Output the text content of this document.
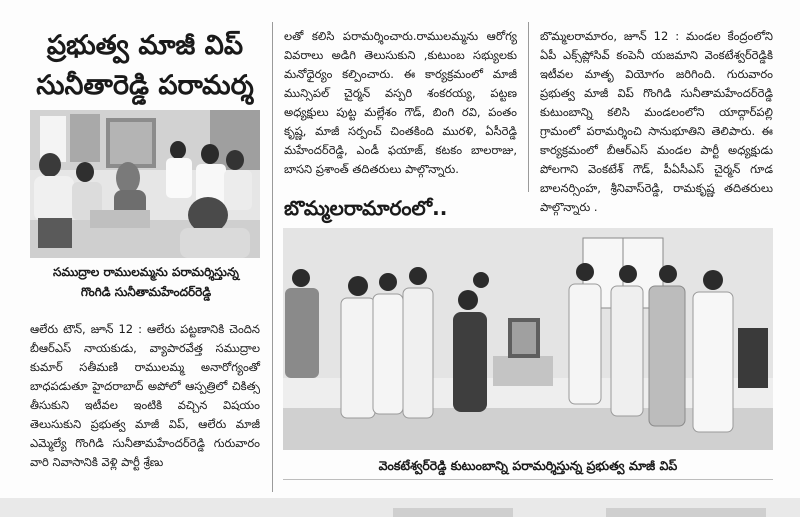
ప్రభుత్వ మాజీ విప్
సునీతారెడ్డి పరామర్శ
సముద్రాల రాములమ్మను పరామర్శిస్తున్న
గొంగిడి సునీతామహేందర్‌రెడ్డి

ఆలేరు టౌన్, జూన్ 12 : ఆలేరు పట్టణానికి చెందిన బీఆర్ఎస్ నాయకుడు, వ్యాపారవేత్త సముద్రాల కుమార్ సతీమణి రాములమ్మ అనారోగ్యంతో బాధపడుతూ హైదరాబాద్ అపోలో ఆస్పత్రిలో చికిత్స తీసుకుని ఇటీవల ఇంటికి వచ్చిన విషయం తెలుసుకుని ప్రభుత్వ మాజీ విప్, ఆలేరు మాజీ ఎమ్మెల్యే గొంగిడి సునీతామహేందర్‌రెడ్డి గురువారం వారి నివాసానికి వెళ్లి పార్టీ శ్రేణు

లతో కలిసి పరామర్శించారు.రాములమ్మను ఆరోగ్య వివరాలు అడిగి తెలుసుకుని ,కుటుంబ సభ్యులకు మనోధైర్యం కల్పించారు. ఈ కార్యక్రమంలో మాజీ మున్సిపల్ చైర్మన్ వస్పరి శంకరయ్య, పట్టణ అధ్యక్షులు పుట్ట మల్లేశం గౌడ్, బింగి రవి, పంతం కృష్ణ, మాజీ సర్పంచ్ చింతకింది మురళి, ఏసీరెడ్డి మహేందర్‌రెడ్డి, ఎండీ ఫయాజ్, కటకం బాలరాజు, బాసని ప్రశాంత్ తదితరులు పాల్గొన్నారు.

బొమ్మలరామారంలో..

బొమ్మలరామారం, జూన్ 12 : మండల కేంద్రంలోని ఏపీ ఎక్స్‌ప్లోసివ్ కంపెనీ యజమాని వెంకటేశ్వర్‌రెడ్డికి ఇటీవల మాతృ వియోగం జరిగింది. గురువారం ప్రభుత్వ మాజీ విప్ గొంగిడి సునీతామహేందర్‌రెడ్డి కుటుంబాన్ని కలిసి మండలంలోని యాద్గార్‌పల్లి గ్రామంలో పరామర్శించి సానుభూతిని తెలిపారు. ఈ కార్యక్రమంలో బీఆర్ఎస్ మండల పార్టీ అధ్యక్షుడు పోలగాని వెంకటేశ్ గౌడ్, పీఏసీఎస్ చైర్మన్ గూడ బాలనర్సింహ, శ్రీనివాస్‌రెడ్డి, రామకృష్ణ తదితరులు పాల్గొన్నారు .

వెంకటేశ్వర్‌రెడ్డి కుటుంబాన్ని పరామర్శిస్తున్న ప్రభుత్వ మాజీ విప్
